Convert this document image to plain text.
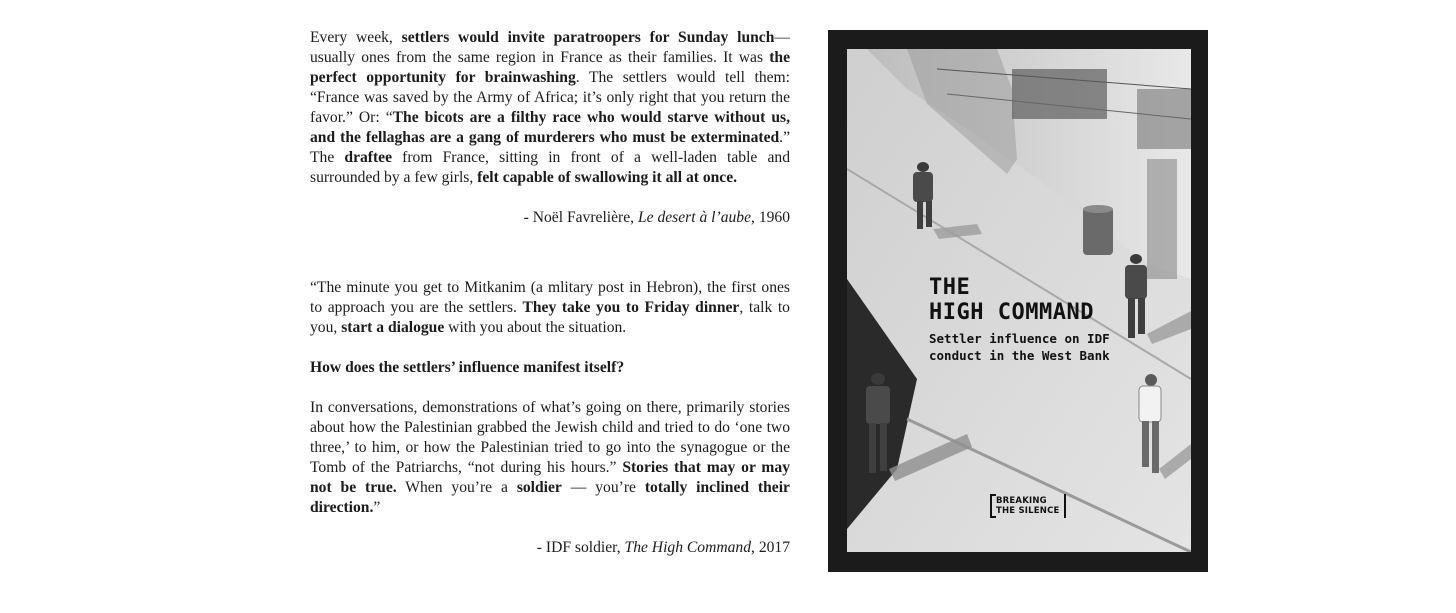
Every week, settlers would invite paratroopers for Sunday lunch— usually ones from the same region in France as their families. It was the perfect opportunity for brainwashing. The settlers would tell them: “France was saved by the Army of Africa; it’s only right that you return the favor.” Or: “The bicots are a filthy race who would starve without us, and the fellaghas are a gang of murderers who must be exterminated.” The draftee from France, sitting in front of a well-laden table and surrounded by a few girls, felt capable of swallowing it all at once.

- Noël Favrelière, Le desert à l’aube, 1960

“The minute you get to Mitkanim (a mlitary post in Hebron), the first ones to approach you are the settlers. They take you to Friday dinner, talk to you, start a dialogue with you about the situation.

How does the settlers’ influence manifest itself?

In conversations, demonstrations of what’s going on there, primarily stories about how the Palestinian grabbed the Jewish child and tried to do ‘one two three,’ to him, or how the Palestinian tried to go into the synagogue or the Tomb of the Patriarchs, “not during his hours.” Stories that may or may not be true. When you’re a soldier — you’re totally inclined their direction.”

- IDF soldier, The High Command, 2017

THE
HIGH COMMAND

Settler influence on IDF
conduct in the West Bank

BREAKING
THE SILENCE
